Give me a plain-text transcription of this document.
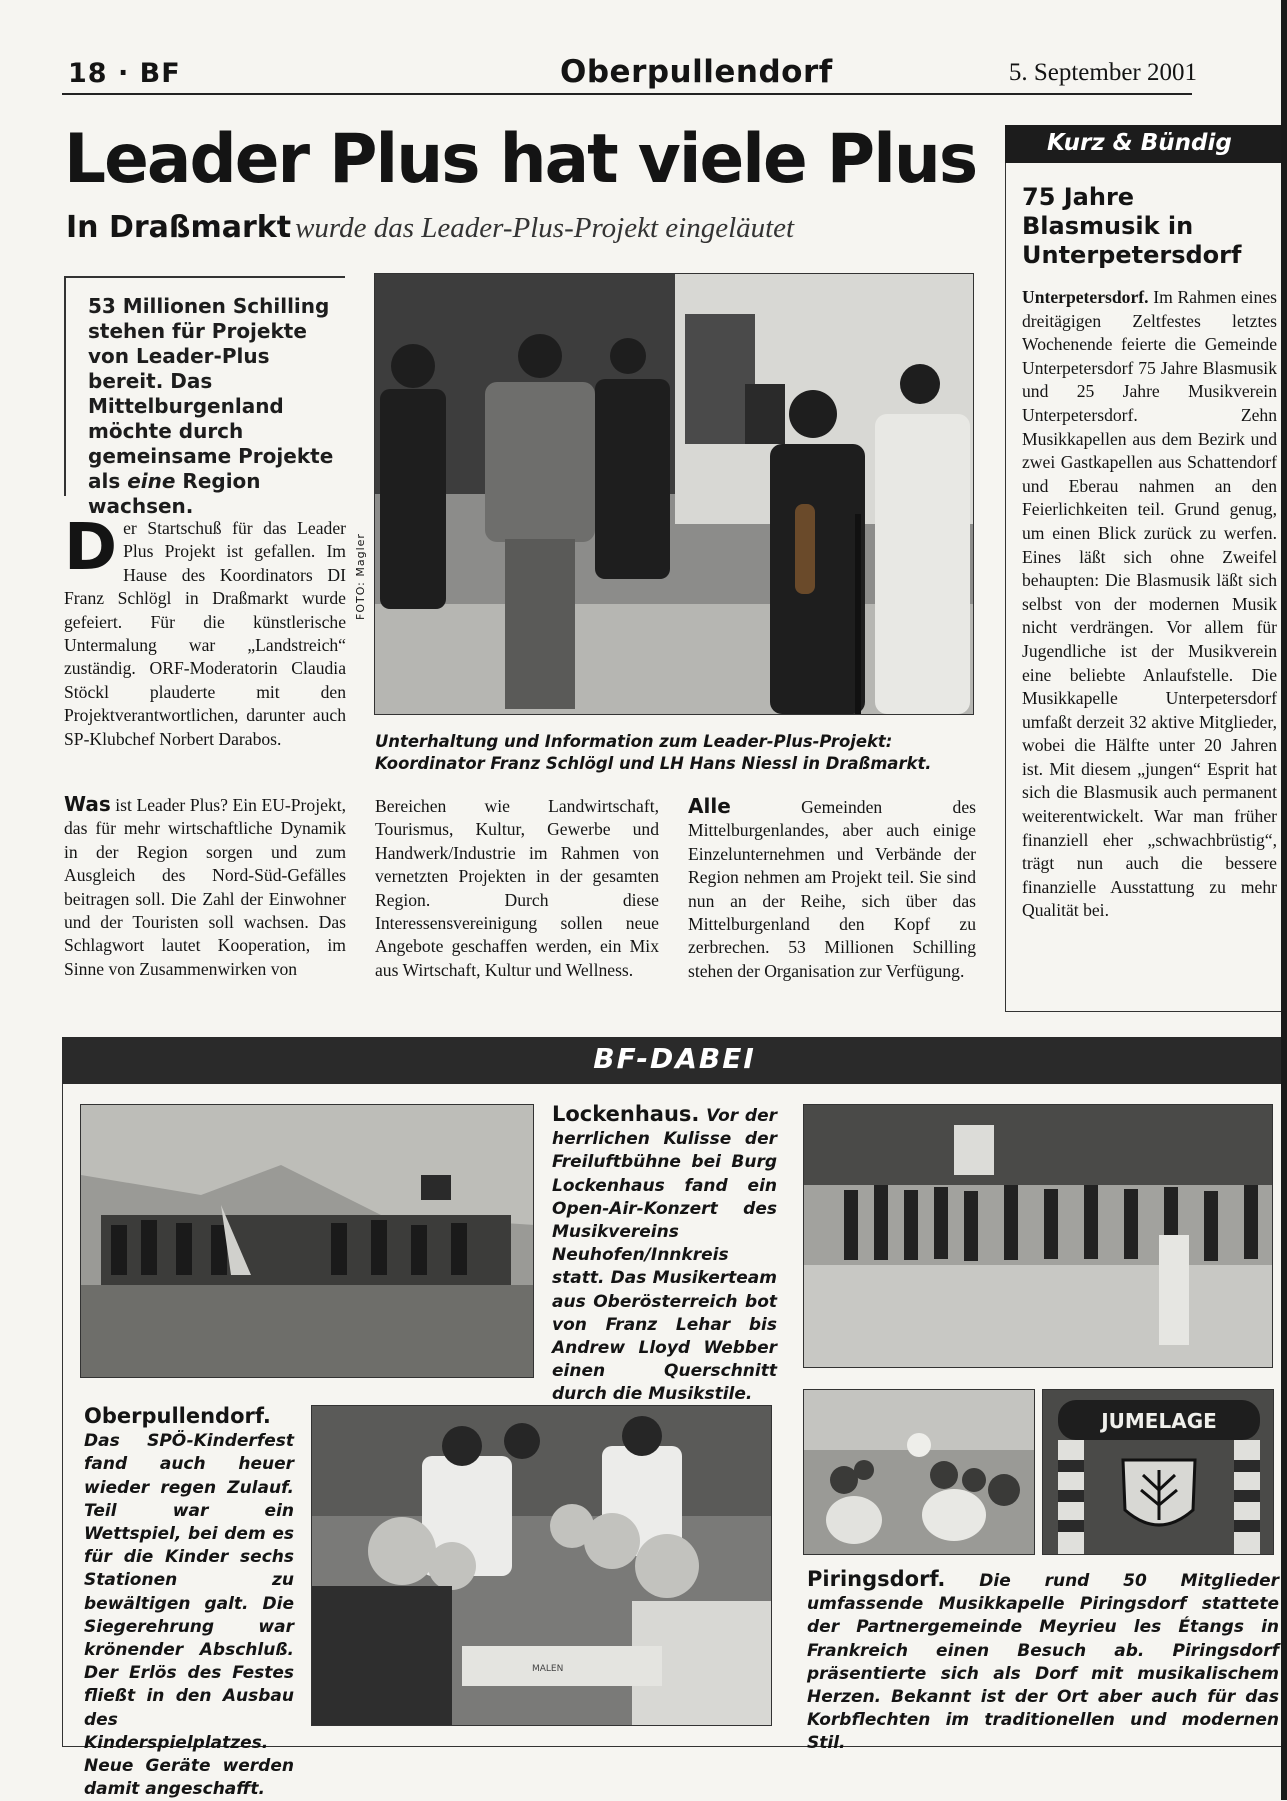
18 · BF	Oberpullendorf	5. September 2001
Leader Plus hat viele Plus
In Draßmarkt wurde das Leader-Plus-Projekt eingeläutet

53 Millionen Schilling stehen für Projekte von Leader-Plus bereit. Das Mittelburgenland möchte durch gemeinsame Projekte als eine Region wachsen.

Der Startschuß für das Leader Plus Projekt ist gefallen. Im Hause des Koordinators DI Franz Schlögl in Draßmarkt wurde gefeiert. Für die künstlerische Untermalung war „Landstreich“ zuständig. ORF-Moderatorin Claudia Stöckl plauderte mit den Projektverantwortlichen, darunter auch SP-Klubchef Norbert Darabos.

Was ist Leader Plus? Ein EU-Projekt, das für mehr wirtschaftliche Dynamik in der Region sorgen und zum Ausgleich des Nord-Süd-Gefälles beitragen soll. Die Zahl der Einwohner und der Touristen soll wachsen. Das Schlagwort lautet Kooperation, im Sinne von Zusammenwirken von

Alle Gemeinden des Mittelburgenlandes, aber auch einige Einzelunternehmen und Verbände der Region nehmen am Projekt teil. Sie sind nun an der Reihe, sich über das Mittelburgenland den Kopf zu zerbrechen. 53 Millionen Schilling stehen der Organisation zur Verfügung.

FOTO: Magler
Unterhaltung und Information zum Leader-Plus-Projekt: Koordinator Franz Schlögl und LH Hans Niessl in Draßmarkt.

Bereichen wie Landwirtschaft, Tourismus, Kultur, Gewerbe und Handwerk/Industrie im Rahmen von vernetzten Projekten in der gesamten Region. Durch diese Interessensvereinigung sollen neue Angebote geschaffen werden, ein Mix aus Wirtschaft, Kultur und Wellness.

Kurz & Bündig
75 Jahre Blasmusik in Unterpetersdorf
Unterpetersdorf. Im Rahmen eines dreitägigen Zeltfestes letztes Wochenende feierte die Gemeinde Unterpetersdorf 75 Jahre Blasmusik und 25 Jahre Musikverein Unterpetersdorf. Zehn Musikkapellen aus dem Bezirk und zwei Gastkapellen aus Schattendorf und Eberau nahmen an den Feierlichkeiten teil. Grund genug, um einen Blick zurück zu werfen. Eines läßt sich ohne Zweifel behaupten: Die Blasmusik läßt sich selbst von der modernen Musik nicht verdrängen. Vor allem für Jugendliche ist der Musikverein eine beliebte Anlaufstelle. Die Musikkapelle Unterpetersdorf umfaßt derzeit 32 aktive Mitglieder, wobei die Hälfte unter 20 Jahren ist. Mit diesem „jungen“ Esprit hat sich die Blasmusik auch permanent weiterentwickelt. War man früher finanziell eher „schwachbrüstig“, trägt nun auch die bessere finanzielle Ausstattung zu mehr Qualität bei.
BF-DABEI
Lockenhaus. Vor der herrlichen Kulisse der Freiluftbühne bei Burg Lockenhaus fand ein Open-Air-Konzert des Musikvereins Neuhofen/Innkreis statt. Das Musikerteam aus Oberösterreich bot von Franz Lehar bis Andrew Lloyd Webber einen Querschnitt durch die Musikstile.
Oberpullendorf. Das SPÖ-Kinderfest fand auch heuer wieder regen Zulauf. Teil war ein Wettspiel, bei dem es für die Kinder sechs Stationen zu bewältigen galt. Die Siegerehrung war krönender Abschluß. Der Erlös des Festes fließt in den Ausbau des Kinderspielplatzes. Neue Geräte werden damit angeschafft.
MALEN
JUMELAGE
Piringsdorf. Die rund 50 Mitglieder umfassende Musikkapelle Piringsdorf stattete der Partnergemeinde Meyrieu les Étangs in Frankreich einen Besuch ab. Piringsdorf präsentierte sich als Dorf mit musikalischem Herzen. Bekannt ist der Ort aber auch für das Korbflechten im traditionellen und modernen Stil.
